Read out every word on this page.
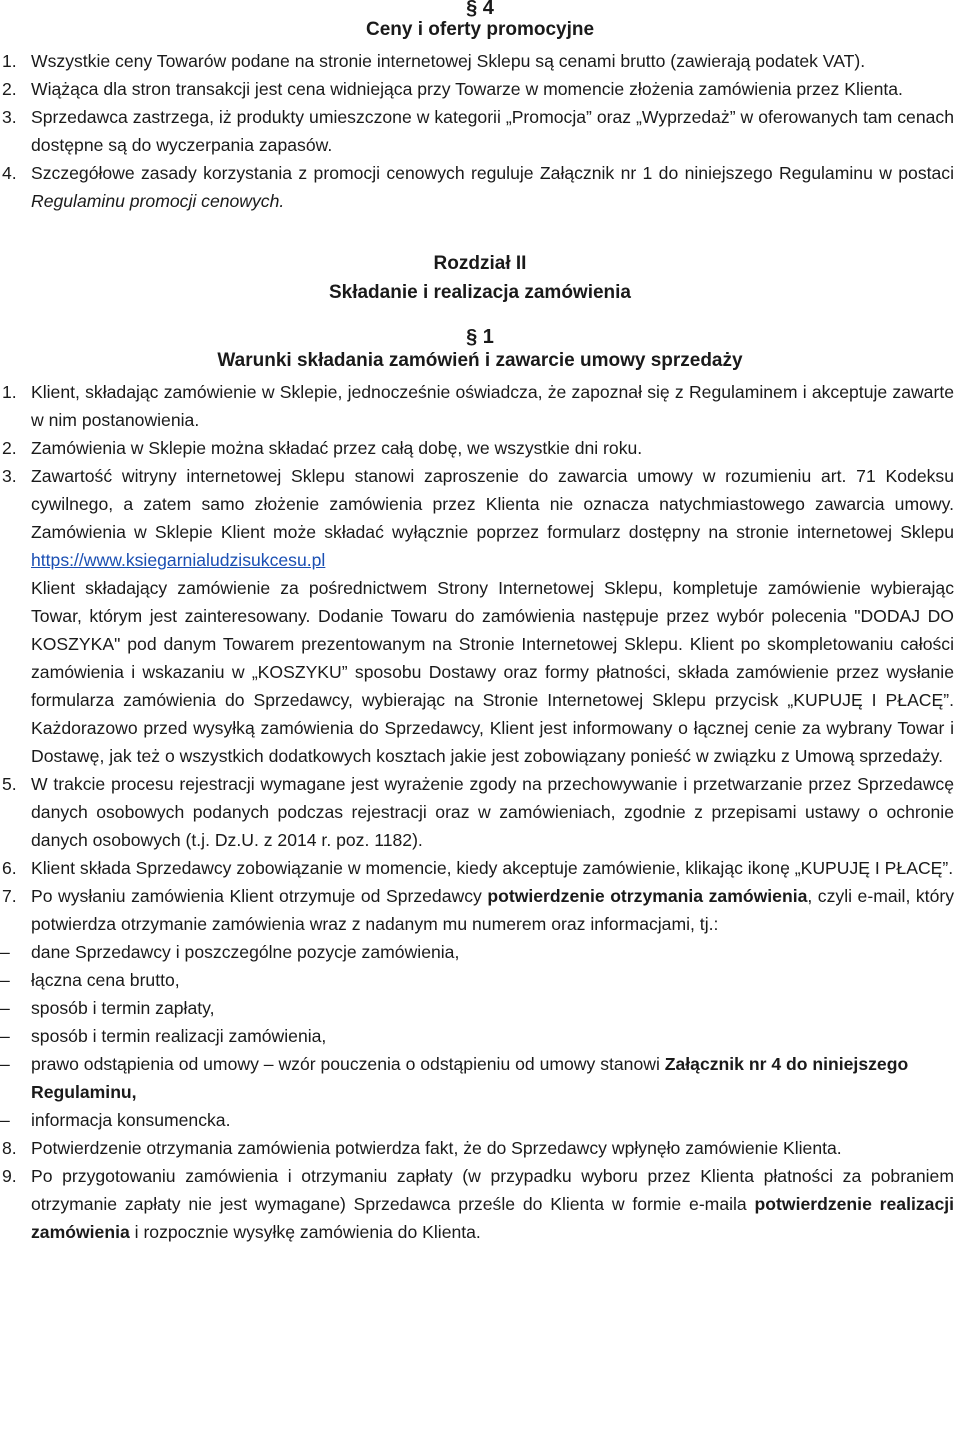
§ 4
Ceny i oferty promocyjne
1. Wszystkie ceny Towarów podane na stronie internetowej Sklepu są cenami brutto (zawierają podatek VAT).
2. Wiążąca dla stron transakcji jest cena widniejąca przy Towarze w momencie złożenia zamówienia przez Klienta.
3. Sprzedawca zastrzega, iż produkty umieszczone w kategorii „Promocja” oraz „Wyprzedaż” w oferowanych tam cenach dostępne są do wyczerpania zapasów.
4. Szczegółowe zasady korzystania z promocji cenowych reguluje Załącznik nr 1 do niniejszego Regulaminu w postaci Regulaminu promocji cenowych.
Rozdział II
Składanie i realizacja zamówienia
§ 1
Warunki składania zamówień i zawarcie umowy sprzedaży
1. Klient, składając zamówienie w Sklepie, jednocześnie oświadcza, że zapoznał się z Regulaminem i akceptuje zawarte w nim postanowienia.
2. Zamówienia w Sklepie można składać przez całą dobę, we wszystkie dni roku.
3. Zawartość witryny internetowej Sklepu stanowi zaproszenie do zawarcia umowy w rozumieniu art. 71 Kodeksu cywilnego, a zatem samo złożenie zamówienia przez Klienta nie oznacza natychmiastowego zawarcia umowy. Zamówienia w Sklepie Klient może składać wyłącznie poprzez formularz dostępny na stronie internetowej Sklepu https://www.ksiegarnialudzisukcesu.pl
Klient składający zamówienie za pośrednictwem Strony Internetowej Sklepu, kompletuje zamówienie wybierając Towar, którym jest zainteresowany. Dodanie Towaru do zamówienia następuje przez wybór polecenia "DODAJ DO KOSZYKA" pod danym Towarem prezentowanym na Stronie Internetowej Sklepu. Klient po skompletowaniu całości zamówienia i wskazaniu w „KOSZYKU” sposobu Dostawy oraz formy płatności, składa zamówienie przez wysłanie formularza zamówienia do Sprzedawcy, wybierając na Stronie Internetowej Sklepu przycisk „KUPUJĘ I PŁACĘ”. Każdorazowo przed wysyłką zamówienia do Sprzedawcy, Klient jest informowany o łącznej cenie za wybrany Towar i Dostawę, jak też o wszystkich dodatkowych kosztach jakie jest zobowiązany ponieść w związku z Umową sprzedaży.
5. W trakcie procesu rejestracji wymagane jest wyrażenie zgody na przechowywanie i przetwarzanie przez Sprzedawcę danych osobowych podanych podczas rejestracji oraz w zamówieniach, zgodnie z przepisami ustawy o ochronie danych osobowych (t.j. Dz.U. z 2014 r. poz. 1182).
6. Klient składa Sprzedawcy zobowiązanie w momencie, kiedy akceptuje zamówienie, klikając ikonę „KUPUJĘ I PŁACĘ”.
7. Po wysłaniu zamówienia Klient otrzymuje od Sprzedawcy potwierdzenie otrzymania zamówienia, czyli e-mail, który potwierdza otrzymanie zamówienia wraz z nadanym mu numerem oraz informacjami, tj.:
– dane Sprzedawcy i poszczególne pozycje zamówienia,
– łączna cena brutto,
– sposób i termin zapłaty,
– sposób i termin realizacji zamówienia,
– prawo odstąpienia od umowy – wzór pouczenia o odstąpieniu od umowy stanowi Załącznik nr 4 do niniejszego Regulaminu,
– informacja konsumencka.
8. Potwierdzenie otrzymania zamówienia potwierdza fakt, że do Sprzedawcy wpłynęło zamówienie Klienta.
9. Po przygotowaniu zamówienia i otrzymaniu zapłaty (w przypadku wyboru przez Klienta płatności za pobraniem otrzymanie zapłaty nie jest wymagane) Sprzedawca prześle do Klienta w formie e-maila potwierdzenie realizacji zamówienia i rozpocznie wysyłkę zamówienia do Klienta.
